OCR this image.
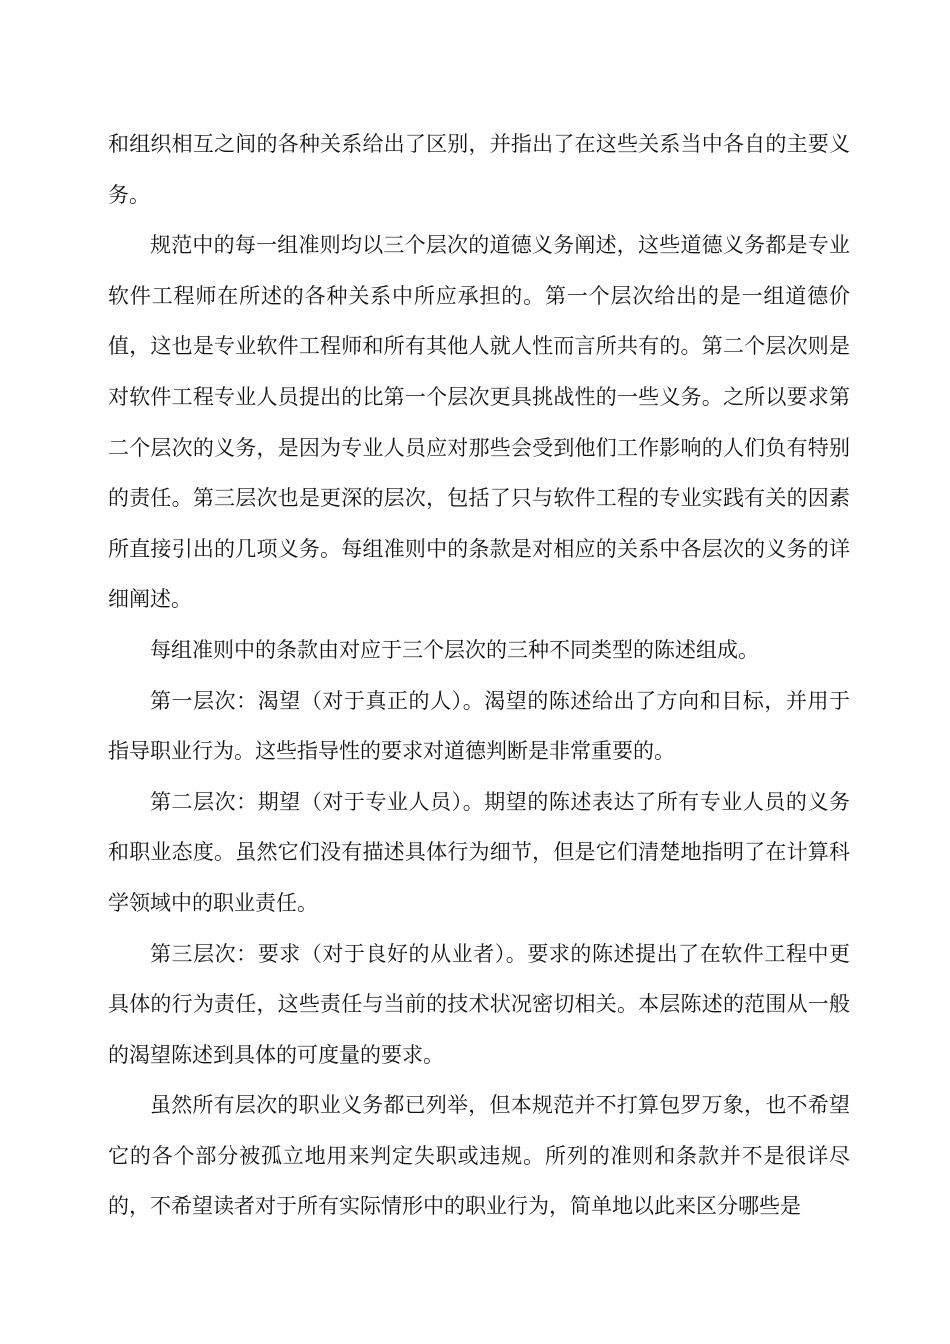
和组织相互之间的各种关系给出了区别，并指出了在这些关系当中各自的主要义务。

规范中的每一组准则均以三个层次的道德义务阐述，这些道德义务都是专业软件工程师在所述的各种关系中所应承担的。第一个层次给出的是一组道德价值，这也是专业软件工程师和所有其他人就人性而言所共有的。第二个层次则是对软件工程专业人员提出的比第一个层次更具挑战性的一些义务。之所以要求第二个层次的义务，是因为专业人员应对那些会受到他们工作影响的人们负有特别的责任。第三层次也是更深的层次，包括了只与软件工程的专业实践有关的因素所直接引出的几项义务。每组准则中的条款是对相应的关系中各层次的义务的详细阐述。

每组准则中的条款由对应于三个层次的三种不同类型的陈述组成。

第一层次：渴望（对于真正的人）。渴望的陈述给出了方向和目标，并用于指导职业行为。这些指导性的要求对道德判断是非常重要的。

第二层次：期望（对于专业人员）。期望的陈述表达了所有专业人员的义务和职业态度。虽然它们没有描述具体行为细节，但是它们清楚地指明了在计算科学领域中的职业责任。

第三层次：要求（对于良好的从业者）。要求的陈述提出了在软件工程中更具体的行为责任，这些责任与当前的技术状况密切相关。本层陈述的范围从一般的渴望陈述到具体的可度量的要求。

虽然所有层次的职业义务都已列举，但本规范并不打算包罗万象，也不希望它的各个部分被孤立地用来判定失职或违规。所列的准则和条款并不是很详尽的，不希望读者对于所有实际情形中的职业行为，简单地以此来区分哪些是
